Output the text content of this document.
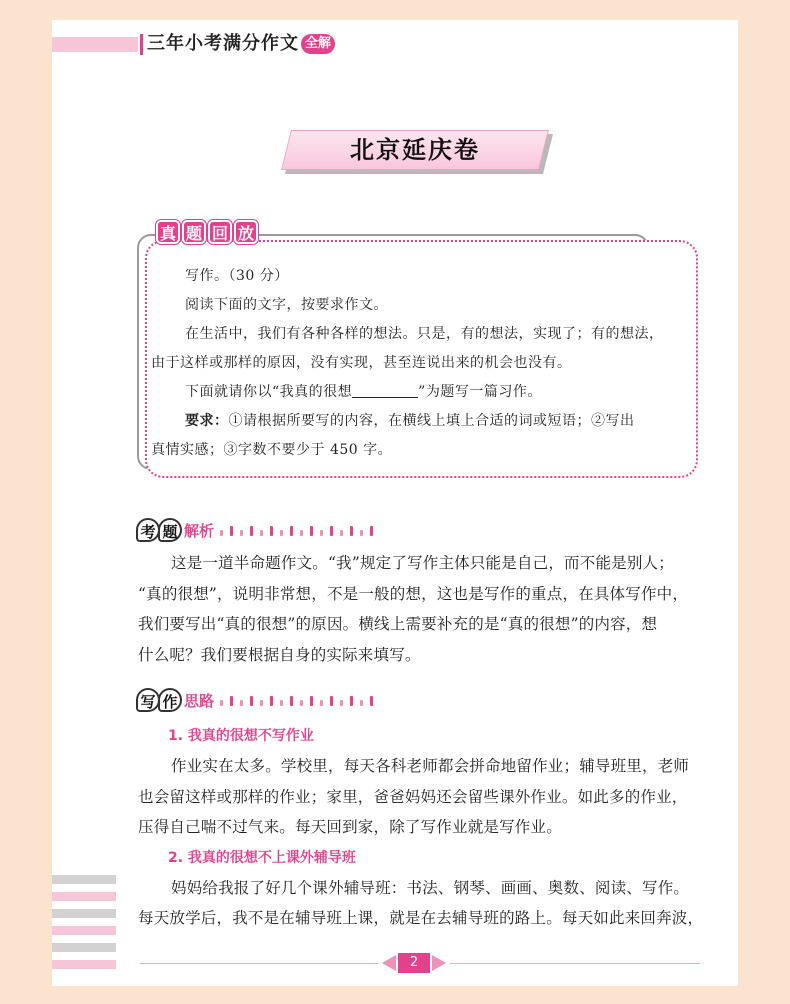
三年小考满分作文 全解
北京延庆卷
写作。（30 分）
阅读下面的文字，按要求作文。
在生活中，我们有各种各样的想法。只是，有的想法，实现了；有的想法，
由于这样或那样的原因，没有实现，甚至连说出来的机会也没有。
下面就请你以“我真的很想	”为题写一篇习作。
要求：①请根据所要写的内容，在横线上填上合适的词或短语；②写出
真情实感；③字数不要少于 450 字。
真 题 回 放
考 题 解析
这是一道半命题作文。“我”规定了写作主体只能是自己，而不能是别人；
“真的很想”，说明非常想，不是一般的想，这也是写作的重点，在具体写作中，
我们要写出“真的很想”的原因。横线上需要补充的是“真的很想”的内容，想
什么呢？我们要根据自身的实际来填写。
写 作 思路
1. 我真的很想不写作业
作业实在太多。学校里，每天各科老师都会拼命地留作业；辅导班里，老师
也会留这样或那样的作业；家里，爸爸妈妈还会留些课外作业。如此多的作业，
压得自己喘不过气来。每天回到家，除了写作业就是写作业。
2. 我真的很想不上课外辅导班
妈妈给我报了好几个课外辅导班：书法、钢琴、画画、奥数、阅读、写作。
每天放学后，我不是在辅导班上课，就是在去辅导班的路上。每天如此来回奔波，
2
